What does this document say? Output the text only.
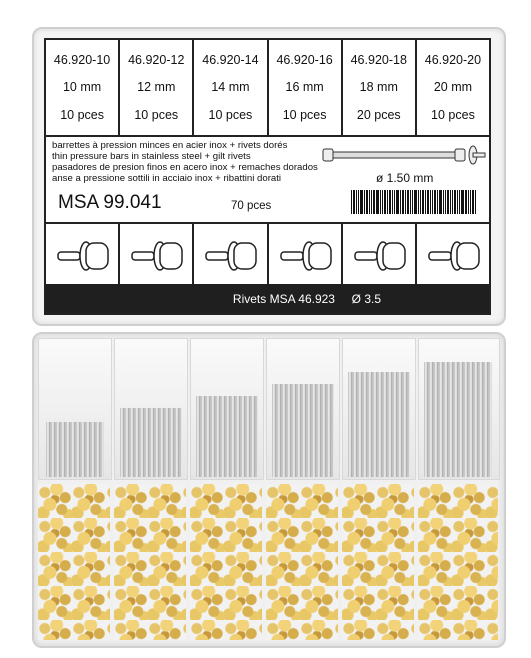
46.920-10
10 mm
10 pces
46.920-12
12 mm
10 pces
46.920-14
14 mm
10 pces
46.920-16
16 mm
10 pces
46.920-18
18 mm
20 pces
46.920-20
20 mm
10 pces
barrettes à pression minces en acier inox + rivets dorés
thin pressure bars in stainless steel + gilt rivets
pasadores de presion finos en acero inox + remaches dorados
anse a pressione sottili in acciaio inox + ribattini dorati	ø 1.50 mm
MSA 99.041	70 pces
Rivets MSA 46.923     Ø 3.5
